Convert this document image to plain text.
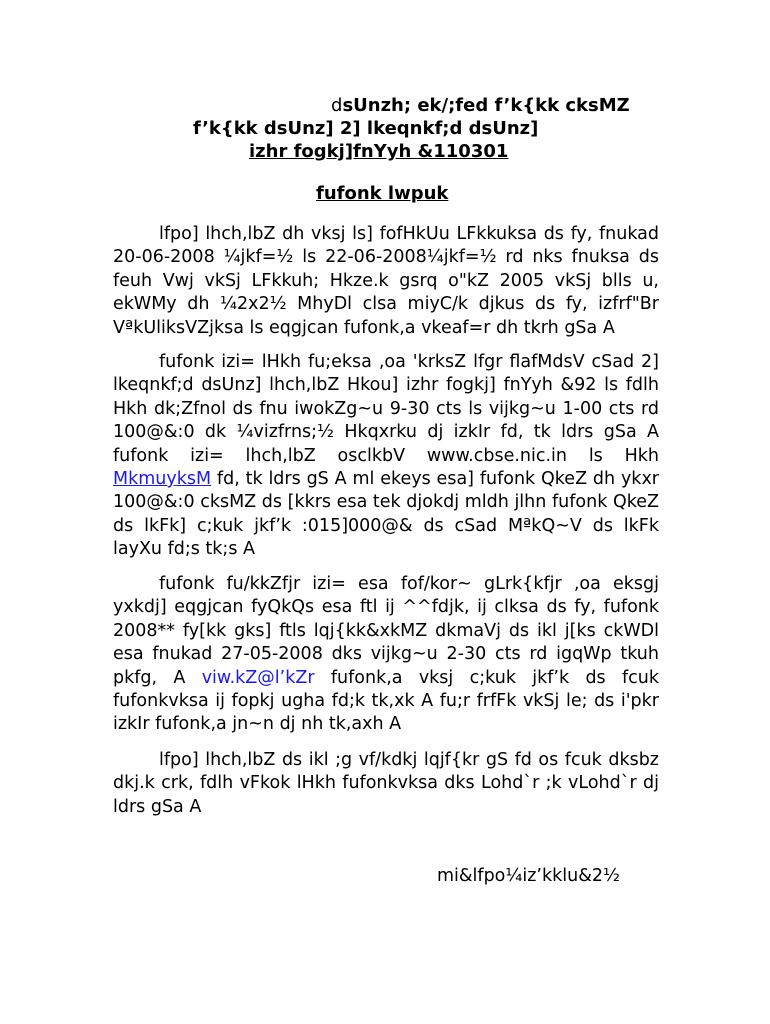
dsUnzh; ek/;fed f’k{kk cksMZ
f’k{kk dsUnz] 2] lkeqnkf;d dsUnz]
izhr fogkj]fnYyh &110301
fufonk lwpuk
lfpo] lhch,lbZ dh vksj ls] fofHkUu LFkkuksa ds fy, fnukad 20-06-2008 ¼jkf=½ ls 22-06-2008¼jkf=½ rd nks fnuksa ds feuh Vwj vkSj LFkkuh; Hkze.k gsrq o"kZ 2005 vkSj blls u, ekWMy dh ¼2x2½ MhyDl clsa miyC/k djkus ds fy, izfrf"Br VªkUliksVZjksa ls eqgjcan fufonk,a vkeaf=r dh tkrh gSa A
fufonk izi= lHkh fu;eksa ,oa 'krksZ lfgr flafMdsV cSad 2] lkeqnkf;d dsUnz] lhch,lbZ Hkou] izhr fogkj] fnYyh &92 ls fdlh Hkh dk;Zfnol ds fnu iwokZg~u 9-30 cts ls vijkg~u 1-00 cts rd 100@&:0 dk ¼vizfrns;½ Hkqxrku dj izkIr fd, tk ldrs gSa A fufonk izi= lhch,lbZ osclkbV www.cbse.nic.in ls Hkh MkmuyksM fd, tk ldrs gS A ml ekeys esa] fufonk QkeZ dh ykxr 100@&:0 cksMZ ds [kkrs esa tek djokdj mldh jlhn fufonk QkeZ ds lkFk] c;kuk jkf’k :015]000@& ds cSad MªkQ~V ds lkFk layXu fd;s tk;s A
fufonk fu/kkZfjr izi= esa fof/kor~ gLrk{kfjr ,oa eksgj yxkdj] eqgjcan fyQkQs esa ftl ij ^^fdjk, ij clksa ds fy, fufonk 2008** fy[kk gks] ftls lqj{kk&xkMZ dkmaVj ds ikl j[ks ckWDl esa fnukad 27-05-2008 dks vijkg~u 2-30 cts rd igqWp tkuh pkfg, A viw.kZ@l’kZr fufonk,a vksj c;kuk jkf’k ds fcuk fufonkvksa ij fopkj ugha fd;k tk,xk A fu;r frfFk vkSj le; ds i'pkr izkIr fufonk,a jn~n dj nh tk,axh A
lfpo] lhch,lbZ ds ikl ;g vf/kdkj lqjf{kr gS fd os fcuk dksbz dkj.k crk, fdlh vFkok lHkh fufonkvksa dks Lohd`r ;k vLohd`r dj ldrs gSa A
mi&lfpo¼iz’kklu&2½
